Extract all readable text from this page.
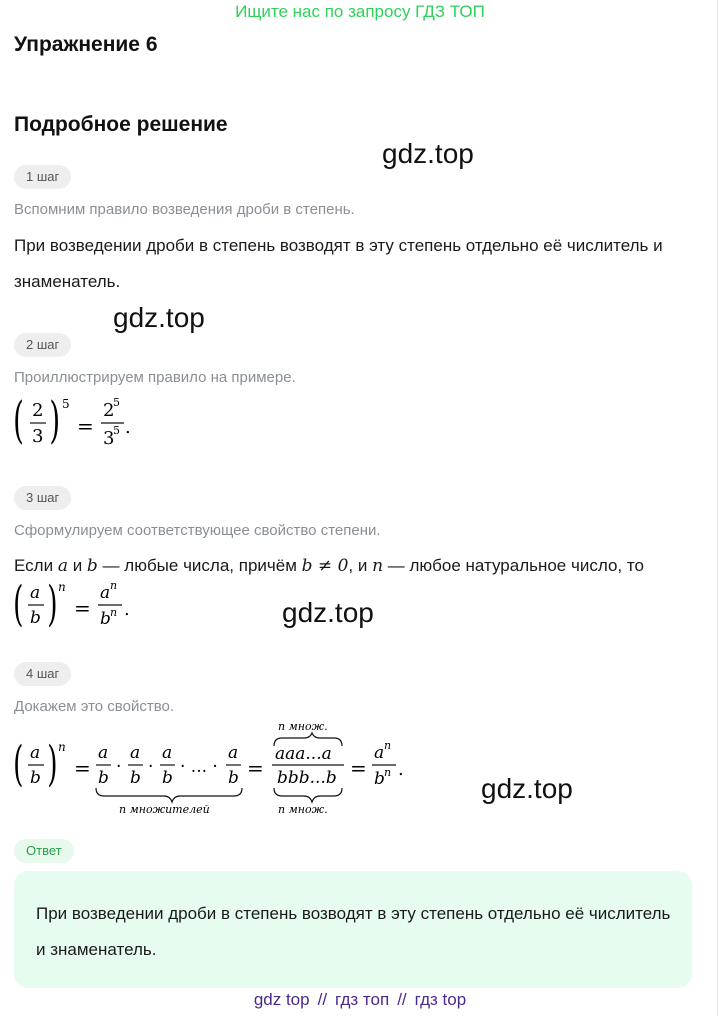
Ищите нас по запросу ГДЗ ТОП
Упражнение 6
Подробное решение
gdz.top
gdz.top
gdz.top
gdz.top
1 шаг
Вспомним правило возведения дроби в степень.
При возведении дроби в степень возводят в эту степень отдельно её числитель и знаменатель.
2 шаг
Проиллюстрируем правило на примере.
( 2
3 ) 5
=
2
5
3
5 .
3 шаг
Сформулируем соответствующее свойство степени.
Если a и b — любые числа, причём b ≠ 0, и n — любое натуральное число, то
( a
b ) n
=
a n
b n .
4 шаг
Докажем это свойство.
( a
b ) n
=
a
b
·
a
b
·
a
b
· ... ·
a
b
n множителей
=
n множ.
aaa...a
bbb...b
n множ.
=
a n
b n .
Ответ
При возведении дроби в степень возводят в эту степень отдельно её числитель и знаменатель.
gdz top // гдз топ // гдз top
